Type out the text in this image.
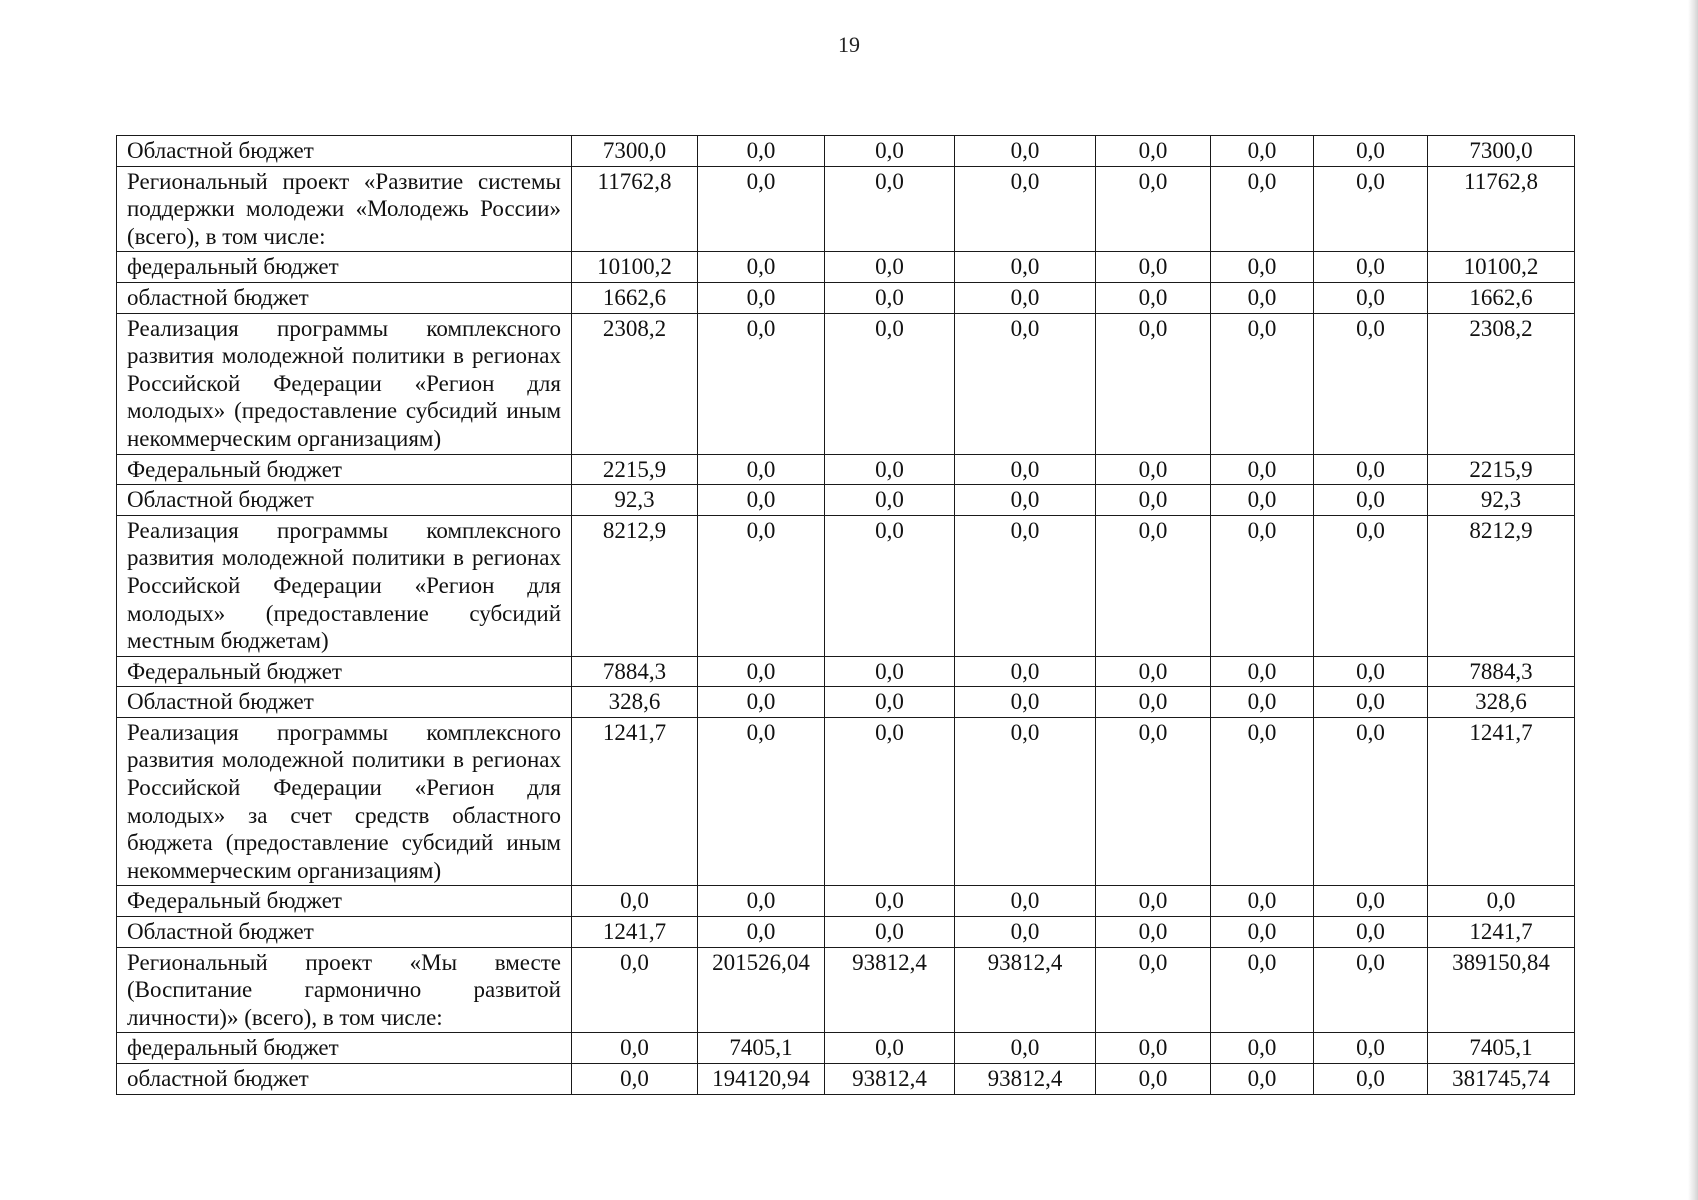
19
Областной бюджет	7300,0	0,0	0,0	0,0	0,0	0,0	0,0	7300,0
Региональный проект «Развитие системы поддержки молодежи «Молодежь России» (всего), в том числе:	11762,8	0,0	0,0	0,0	0,0	0,0	0,0	11762,8
федеральный бюджет	10100,2	0,0	0,0	0,0	0,0	0,0	0,0	10100,2
областной бюджет	1662,6	0,0	0,0	0,0	0,0	0,0	0,0	1662,6
Реализация программы комплексного развития молодежной политики в регионах Российской Федерации «Регион для молодых» (предоставление субсидий иным некоммерческим организациям)	2308,2	0,0	0,0	0,0	0,0	0,0	0,0	2308,2
Федеральный бюджет	2215,9	0,0	0,0	0,0	0,0	0,0	0,0	2215,9
Областной бюджет	92,3	0,0	0,0	0,0	0,0	0,0	0,0	92,3
Реализация программы комплексного развития молодежной политики в регионах Российской Федерации «Регион для молодых» (предоставление субсидий местным бюджетам)	8212,9	0,0	0,0	0,0	0,0	0,0	0,0	8212,9
Федеральный бюджет	7884,3	0,0	0,0	0,0	0,0	0,0	0,0	7884,3
Областной бюджет	328,6	0,0	0,0	0,0	0,0	0,0	0,0	328,6
Реализация программы комплексного развития молодежной политики в регионах Российской Федерации «Регион для молодых» за счет средств областного бюджета (предоставление субсидий иным некоммерческим организациям)	1241,7	0,0	0,0	0,0	0,0	0,0	0,0	1241,7
Федеральный бюджет	0,0	0,0	0,0	0,0	0,0	0,0	0,0	0,0
Областной бюджет	1241,7	0,0	0,0	0,0	0,0	0,0	0,0	1241,7
Региональный проект «Мы вместе (Воспитание гармонично развитой личности)» (всего), в том числе:	0,0	201526,04	93812,4	93812,4	0,0	0,0	0,0	389150,84
федеральный бюджет	0,0	7405,1	0,0	0,0	0,0	0,0	0,0	7405,1
областной бюджет	0,0	194120,94	93812,4	93812,4	0,0	0,0	0,0	381745,74
